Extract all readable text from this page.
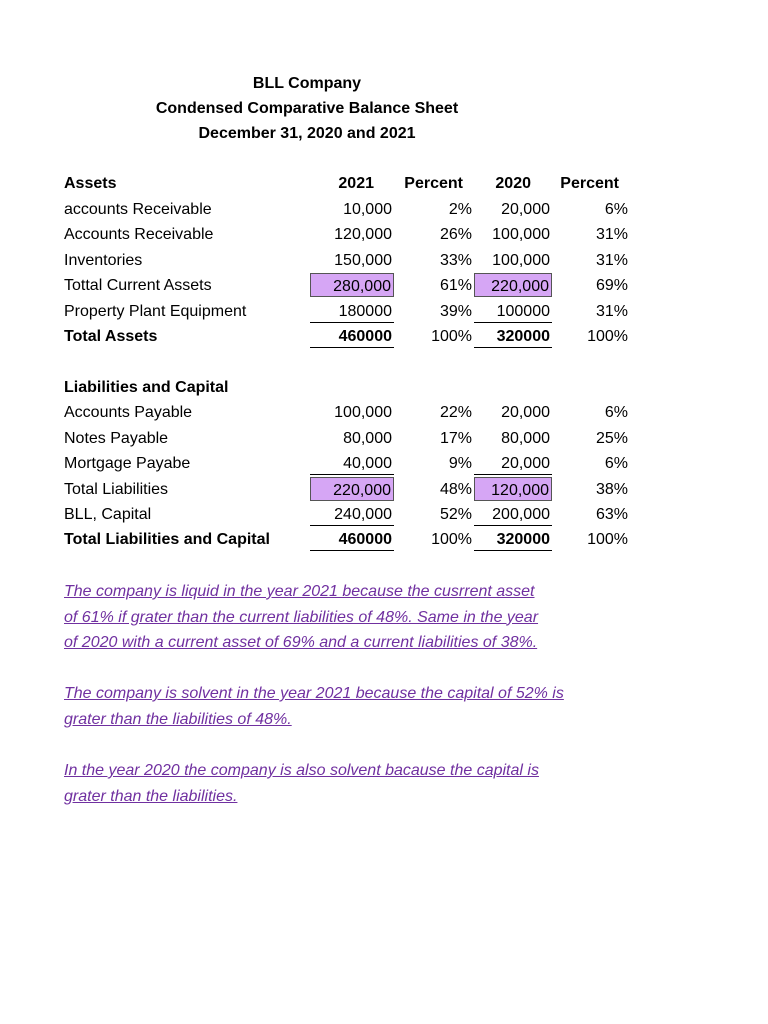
BLL Company
Condensed Comparative Balance Sheet
December 31, 2020 and 2021
Assets	2021	Percent	2020	Percent
accounts Receivable	10,000	2%	20,000	6%
Accounts Receivable	120,000	26%	100,000	31%
Inventories	150,000	33%	100,000	31%
Tottal Current Assets	280,000	61%	220,000	69%
Property Plant Equipment	180000	39%	100000	31%
Total Assets	460000	100%	320000	100%
Liabilities and Capital
Accounts Payable	100,000	22%	20,000	6%
Notes Payable	80,000	17%	80,000	25%
Mortgage Payabe	40,000	9%	20,000	6%
Total Liabilities	220,000	48%	120,000	38%
BLL, Capital	240,000	52%	200,000	63%
Total Liabilities and Capital	460000	100%	320000	100%
The company is liquid in the year 2021 because the cusrrent asset
of 61% if grater than the current liabilities of 48%. Same in the year
of 2020 with a current asset of 69% and a current liabilities of 38%.
The company is solvent in the year 2021 because the capital of 52% is
grater than the liabilities of 48%.
In the year 2020 the company is also solvent bacause the capital is
grater than the liabilities.
